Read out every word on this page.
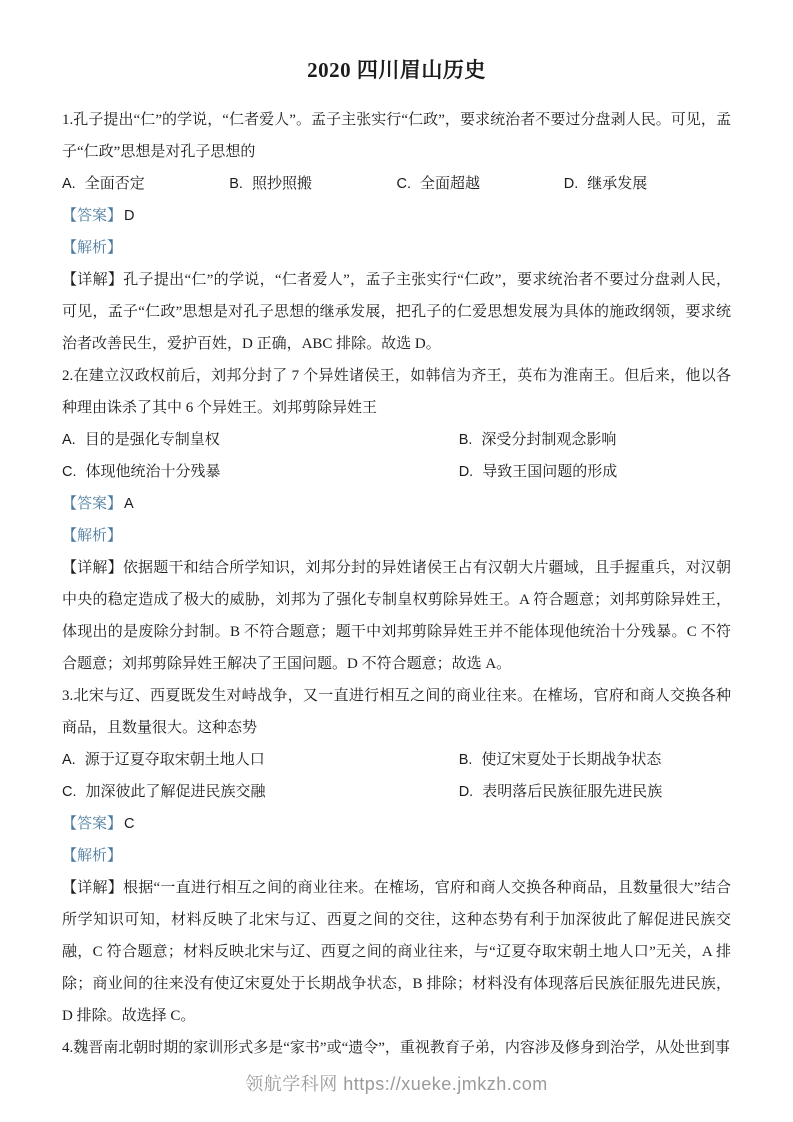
2020 四川眉山历史

1.孔子提出“仁”的学说，“仁者爱人”。孟子主张实行“仁政”，要求统治者不要过分盘剥人民。可见，孟子“仁政”思想是对孔子思想的

A. 全面否定	B. 照抄照搬	C. 全面超越	D. 继承发展

【答案】 D

【解析】

【详解】孔子提出“仁”的学说，“仁者爱人”，孟子主张实行“仁政”，要求统治者不要过分盘剥人民，可见，孟子“仁政”思想是对孔子思想的继承发展，把孔子的仁爱思想发展为具体的施政纲领，要求统治者改善民生，爱护百姓，D 正确，ABC 排除。故选 D。

2.在建立汉政权前后，刘邦分封了 7 个异姓诸侯王，如韩信为齐王，英布为淮南王。但后来，他以各种理由诛杀了其中 6 个异姓王。刘邦剪除异姓王

A. 目的是强化专制皇权	B. 深受分封制观念影响
C. 体现他统治十分残暴	D. 导致王国问题的形成

【答案】 A

【解析】

【详解】依据题干和结合所学知识，刘邦分封的异姓诸侯王占有汉朝大片疆域，且手握重兵，对汉朝中央的稳定造成了极大的威胁，刘邦为了强化专制皇权剪除异姓王。A 符合题意；刘邦剪除异姓王，体现出的是废除分封制。B 不符合题意；题干中刘邦剪除异姓王并不能体现他统治十分残暴。C 不符合题意；刘邦剪除异姓王解决了王国问题。D 不符合题意；故选 A。

3.北宋与辽、西夏既发生对峙战争，又一直进行相互之间的商业往来。在榷场，官府和商人交换各种商品，且数量很大。这种态势

A. 源于辽夏夺取宋朝土地人口	B. 使辽宋夏处于长期战争状态
C. 加深彼此了解促进民族交融	D. 表明落后民族征服先进民族

【答案】 C

【解析】

【详解】根据“一直进行相互之间的商业往来。在榷场，官府和商人交换各种商品，且数量很大”结合所学知识可知，材料反映了北宋与辽、西夏之间的交往，这种态势有利于加深彼此了解促进民族交融，C 符合题意；材料反映北宋与辽、西夏之间的商业往来，与“辽夏夺取宋朝土地人口”无关，A 排除；商业间的往来没有使辽宋夏处于长期战争状态，B 排除；材料没有体现落后民族征服先进民族，D 排除。故选择 C。

4.魏晋南北朝时期的家训形式多是“家书”或“遗令”，重视教育子弟，内容涉及修身到治学，从处世到事

领航学科网 https://xueke.jmkzh.com
